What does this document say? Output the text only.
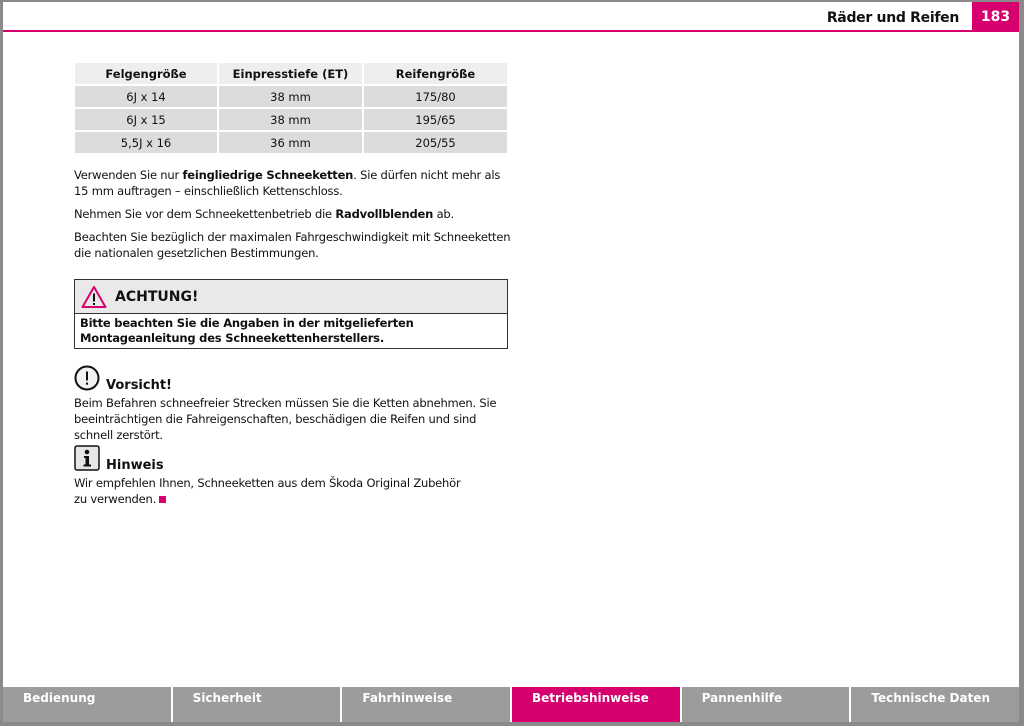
Räder und Reifen	183
Felgengröße	Einpresstiefe (ET)	Reifengröße
6J x 14	38 mm	175/80
6J x 15	38 mm	195/65
5,5J x 16	36 mm	205/55

Verwenden Sie nur feingliedrige Schneeketten. Sie dürfen nicht mehr als 15 mm auftragen – einschließlich Kettenschloss.

Nehmen Sie vor dem Schneekettenbetrieb die Radvollblenden ab.

Beachten Sie bezüglich der maximalen Fahrgeschwindigkeit mit Schneeketten die nationalen gesetzlichen Bestimmungen.

ACHTUNG!
Bitte beachten Sie die Angaben in der mitgelieferten Montageanleitung des Schneekettenherstellers.
Vorsicht!

Beim Befahren schneefreier Strecken müssen Sie die Ketten abnehmen. Sie beeinträchtigen die Fahreigenschaften, beschädigen die Reifen und sind schnell zerstört.

Hinweis

Wir empfehlen Ihnen, Schneeketten aus dem Škoda Original Zubehör zu verwenden.

Bedienung	Sicherheit	Fahrhinweise	Betriebshinweise	Pannenhilfe	Technische Daten
